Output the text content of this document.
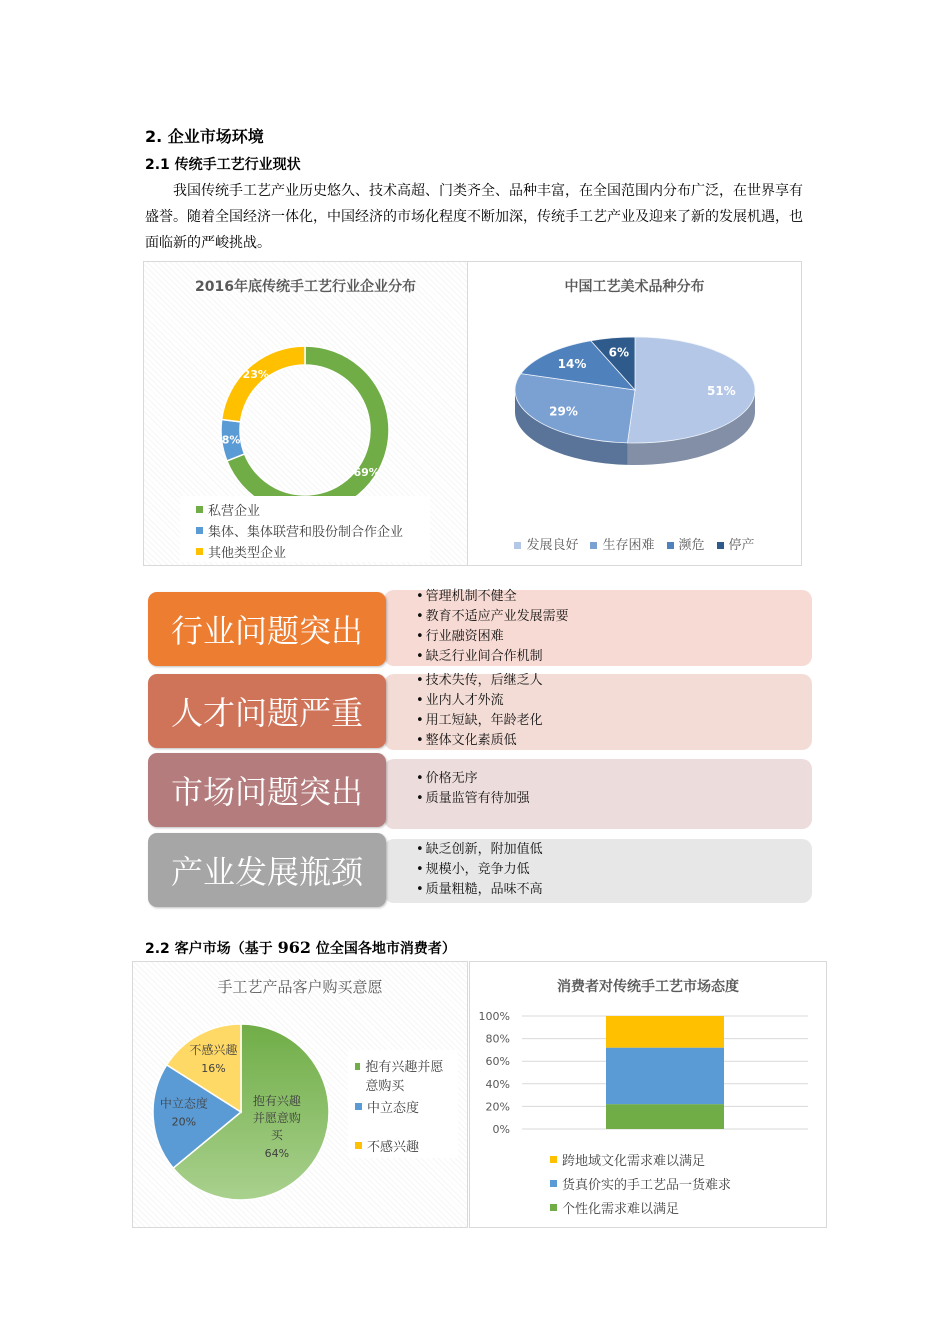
2. 企业市场环境
2.1 传统手工艺行业现状
我国传统手工艺产业历史悠久、技术高超、门类齐全、品种丰富，在全国范围内分布广泛，在世界享有盛誉。随着全国经济一体化，中国经济的市场化程度不断加深，传统手工艺产业及迎来了新的发展机遇，也面临新的严峻挑战。
2016年底传统手工艺行业企业分布
69%
8%
23%
私营企业
集体、集体联营和股份制合作企业
其他类型企业
中国工艺美术品种分布
51%
29%
14%
6%
发展良好	生存困难	濒危	停产
行业问题突出
• 管理机制不健全
• 教育不适应产业发展需要
• 行业融资困难
• 缺乏行业间合作机制
人才问题严重
• 技术失传，后继乏人
• 业内人才外流
• 用工短缺，年龄老化
• 整体文化素质低
市场问题突出
•	价格无序
• 质量监管有待加强
产业发展瓶颈
• 缺乏创新，附加值低
• 规模小，竞争力低
• 质量粗糙，品味不高
2.2 客户市场（基于 962 位全国各地市消费者）
手工艺产品客户购买意愿
抱有兴趣
并愿意购
买
64%
中立态度
20%
不感兴趣
16%	抱有兴趣并愿意购买
中立态度
不感兴趣
消费者对传统手工艺市场态度
0%
20%
40%
60%
80%
100%
跨地域文化需求难以满足
货真价实的手工艺品一货难求
个性化需求难以满足
